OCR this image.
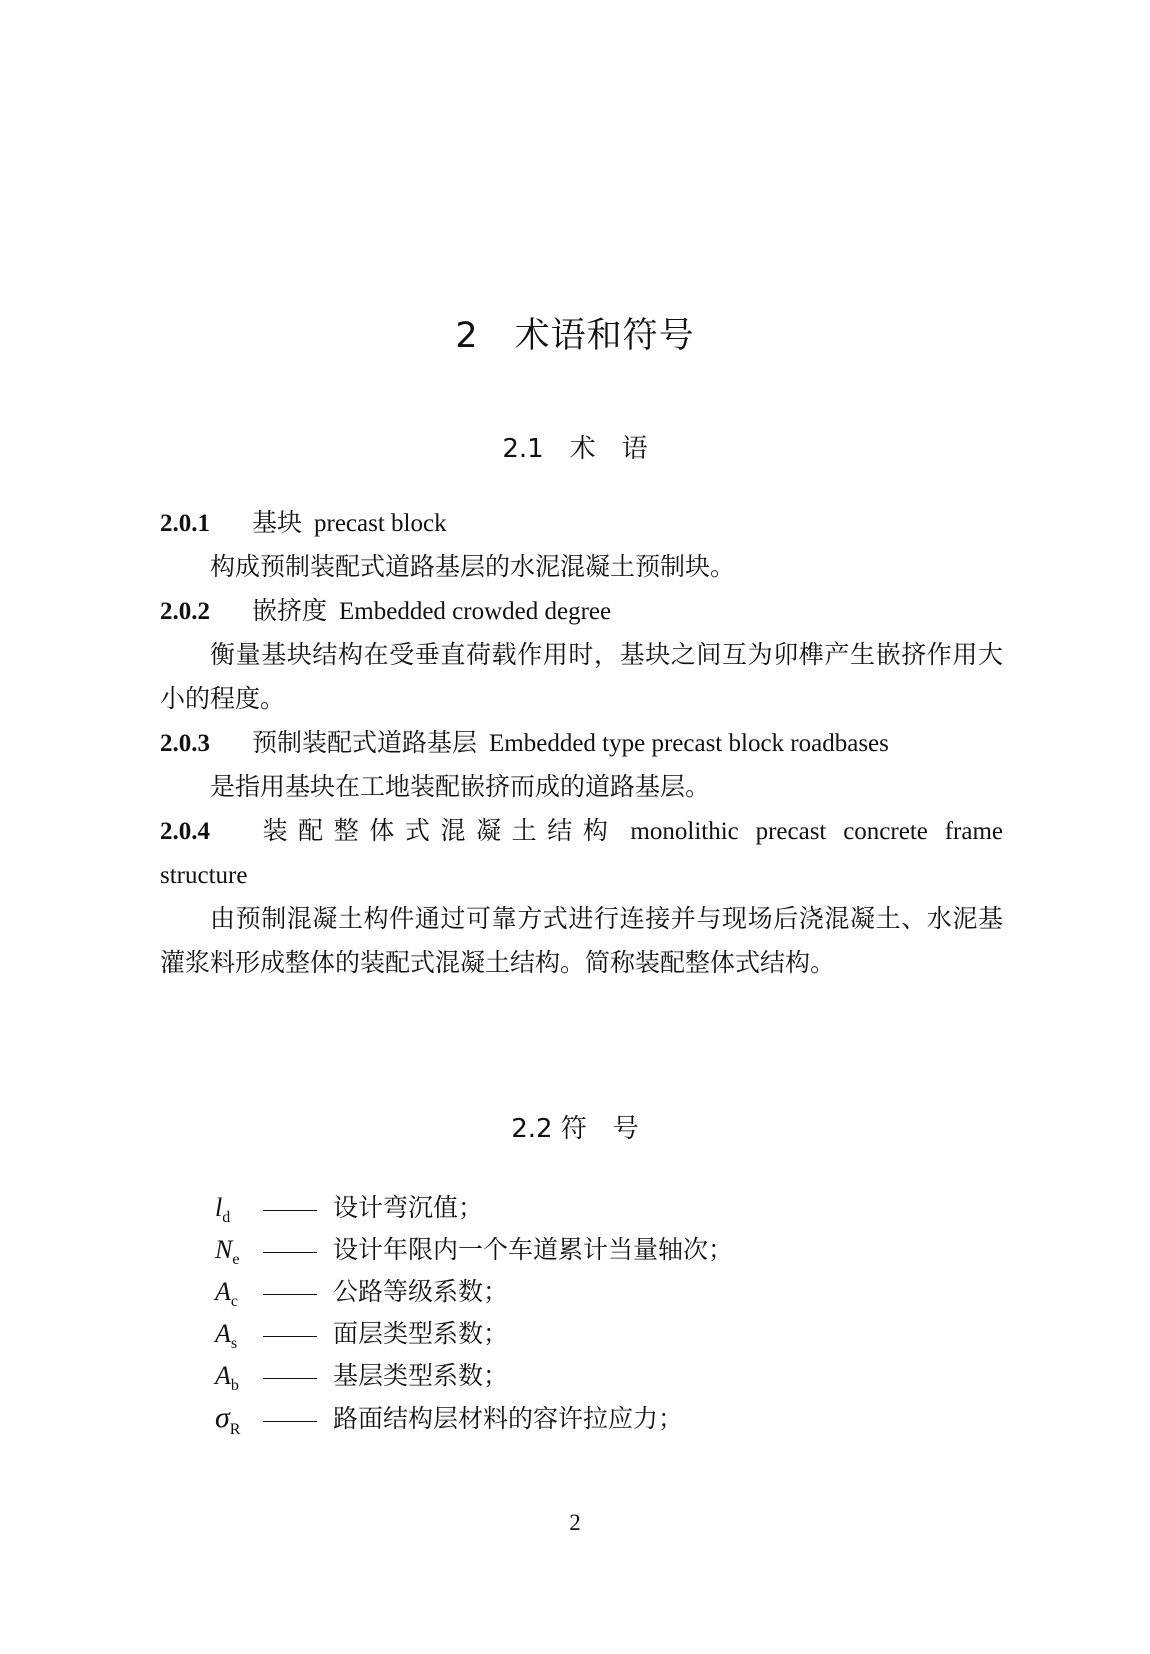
2　术语和符号
2.1　术　语

2.0.1 基块 precast block

构成预制装配式道路基层的水泥混凝土预制块。

2.0.2 嵌挤度 Embedded crowded degree

衡量基块结构在受垂直荷载作用时，基块之间互为卯榫产生嵌挤作用大小的程度。

2.0.3 预制装配式道路基层 Embedded type precast block roadbases

是指用基块在工地装配嵌挤而成的道路基层。

2.0.4 装配整体式混凝土结构 monolithic precast concrete frame

structure

由预制混凝土构件通过可靠方式进行连接并与现场后浇混凝土、水泥基灌浆料形成整体的装配式混凝土结构。简称装配整体式结构。

2.2 符　号
$l_d$	设计弯沉值；
$N_e$	设计年限内一个车道累计当量轴次；
$A_c$	公路等级系数；
$A_s$	面层类型系数；
$A_b$	基层类型系数；
$\sigma_R$	路面结构层材料的容许拉应力；
2
